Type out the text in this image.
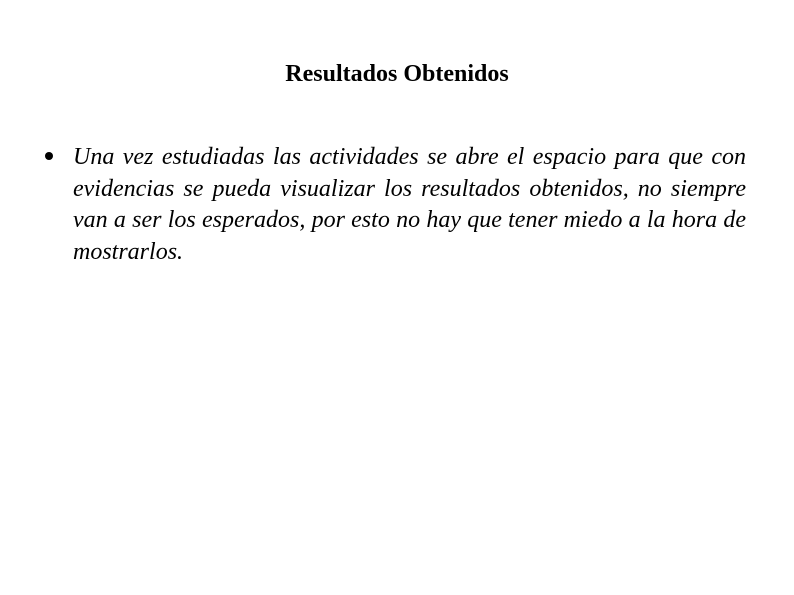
Resultados Obtenidos

Una vez estudiadas las actividades se abre el espacio para que con evidencias se pueda visualizar los resultados obtenidos, no siempre van a ser los esperados, por esto no hay que tener miedo a la hora de mostrarlos.
